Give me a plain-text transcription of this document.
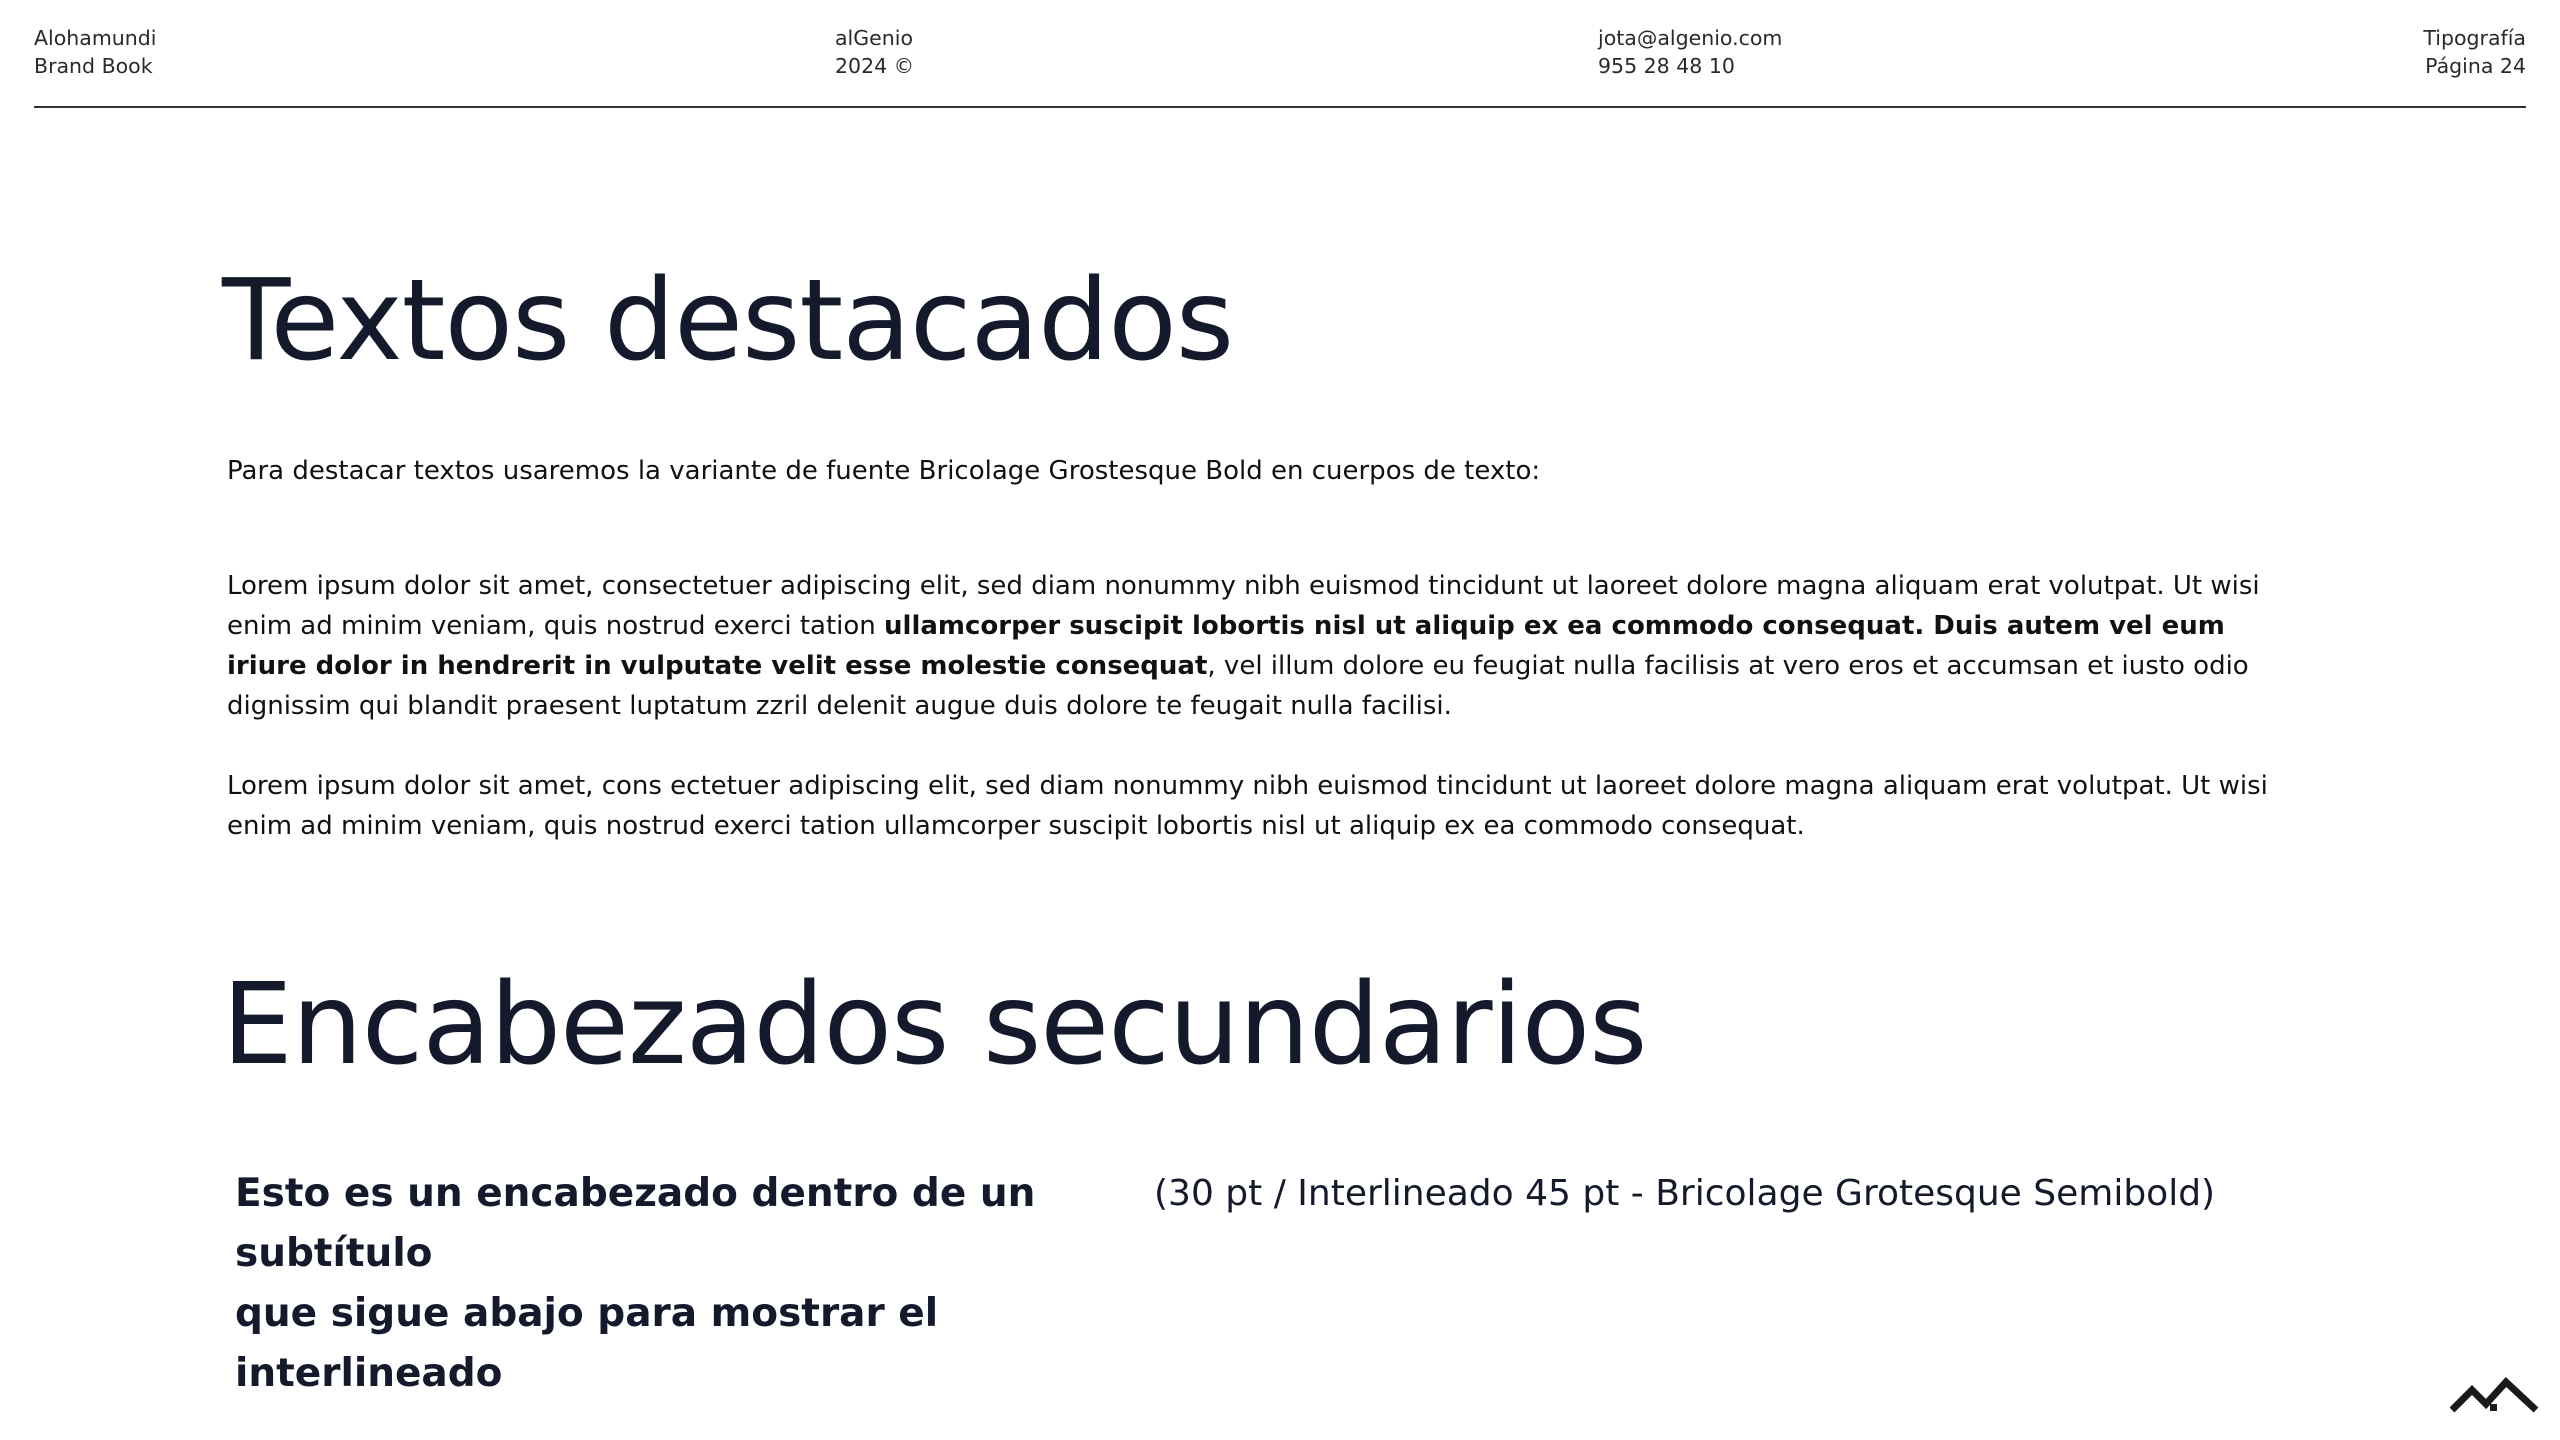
Alohamundi
Brand Book
alGenio
2024 ©
jota@algenio.com
955 28 48 10
Tipografía
Página 24
Textos destacados
Para destacar textos usaremos la variante de fuente Bricolage Grostesque Bold en cuerpos de texto:

Lorem ipsum dolor sit amet, consectetuer adipiscing elit, sed diam nonummy nibh euismod tincidunt ut laoreet dolore magna aliquam erat volutpat. Ut wisi enim ad minim veniam, quis nostrud exerci tation ullamcorper suscipit lobortis nisl ut aliquip ex ea commodo consequat. Duis autem vel eum iriure dolor in hendrerit in vulputate velit esse molestie consequat, vel illum dolore eu feugiat nulla facilisis at vero eros et accumsan et iusto odio dignissim qui blandit praesent luptatum zzril delenit augue duis dolore te feugait nulla facilisi.

Lorem ipsum dolor sit amet, cons ectetuer adipiscing elit, sed diam nonummy nibh euismod tincidunt ut laoreet dolore magna aliquam erat volutpat. Ut wisi enim ad minim veniam, quis nostrud exerci tation ullamcorper suscipit lobortis nisl ut aliquip ex ea commodo consequat.

Encabezados secundarios
Esto es un encabezado dentro de un subtítulo
que sigue abajo para mostrar el interlineado
(30 pt / Interlineado 45 pt - Bricolage Grotesque Semibold)
